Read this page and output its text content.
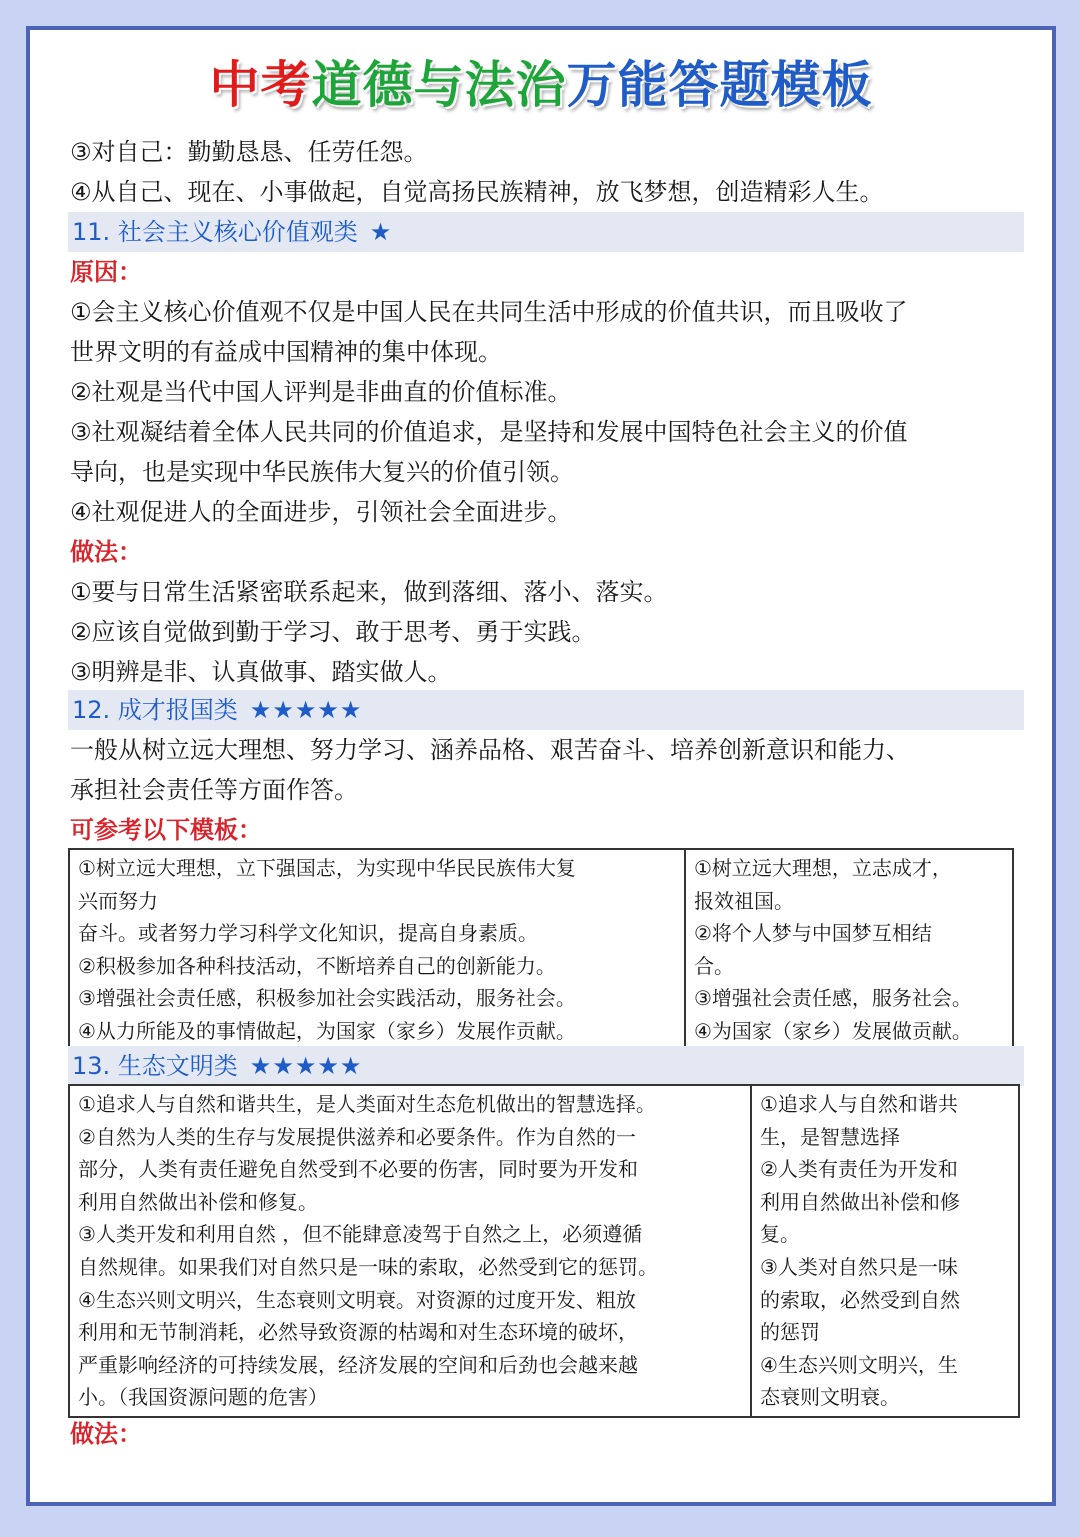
中考道德与法治万能答题模板
③对自己：勤勤恳恳、任劳任怨。
④从自己、现在、小事做起，自觉高扬民族精神，放飞梦想，创造精彩人生。
11. 社会主义核心价值观类 ★
原因：
①会主义核心价值观不仅是中国人民在共同生活中形成的价值共识，而且吸收了
世界文明的有益成中国精神的集中体现。
②社观是当代中国人评判是非曲直的价值标准。
③社观凝结着全体人民共同的价值追求，是坚持和发展中国特色社会主义的价值
导向，也是实现中华民族伟大复兴的价值引领。
④社观促进人的全面进步，引领社会全面进步。
做法：
①要与日常生活紧密联系起来，做到落细、落小、落实。
②应该自觉做到勤于学习、敢于思考、勇于实践。
③明辨是非、认真做事、踏实做人。
12. 成才报国类 ★★★★★
一般从树立远大理想、努力学习、涵养品格、艰苦奋斗、培养创新意识和能力、
承担社会责任等方面作答。
可参考以下模板：
①树立远大理想，立下强国志，为实现中华民民族伟大复
兴而努力
奋斗。或者努力学习科学文化知识，提高自身素质。
②积极参加各种科技活动，不断培养自己的创新能力。
③增强社会责任感，积极参加社会实践活动，服务社会。
④从力所能及的事情做起，为国家（家乡）发展作贡献。

①树立远大理想，立志成才，
报效祖国。
②将个人梦与中国梦互相结
合。
③增强社会责任感，服务社会。
④为国家（家乡）发展做贡献。
13. 生态文明类 ★★★★★
①追求人与自然和谐共生，是人类面对生态危机做出的智慧选择。
②自然为人类的生存与发展提供滋养和必要条件。作为自然的一
部分，人类有责任避免自然受到不必要的伤害，同时要为开发和
利用自然做出补偿和修复。
③人类开发和利用自然 ，但不能肆意凌驾于自然之上，必须遵循
自然规律。如果我们对自然只是一味的索取，必然受到它的惩罚。
④生态兴则文明兴，生态衰则文明衰。对资源的过度开发、粗放
利用和无节制消耗，必然导致资源的枯竭和对生态环境的破坏，
严重影响经济的可持续发展，经济发展的空间和后劲也会越来越
小。（我国资源问题的危害）

①追求人与自然和谐共
生，是智慧选择
②人类有责任为开发和
利用自然做出补偿和修
复。
③人类对自然只是一味
的索取，必然受到自然
的惩罚
④生态兴则文明兴，生
态衰则文明衰。
做法：
